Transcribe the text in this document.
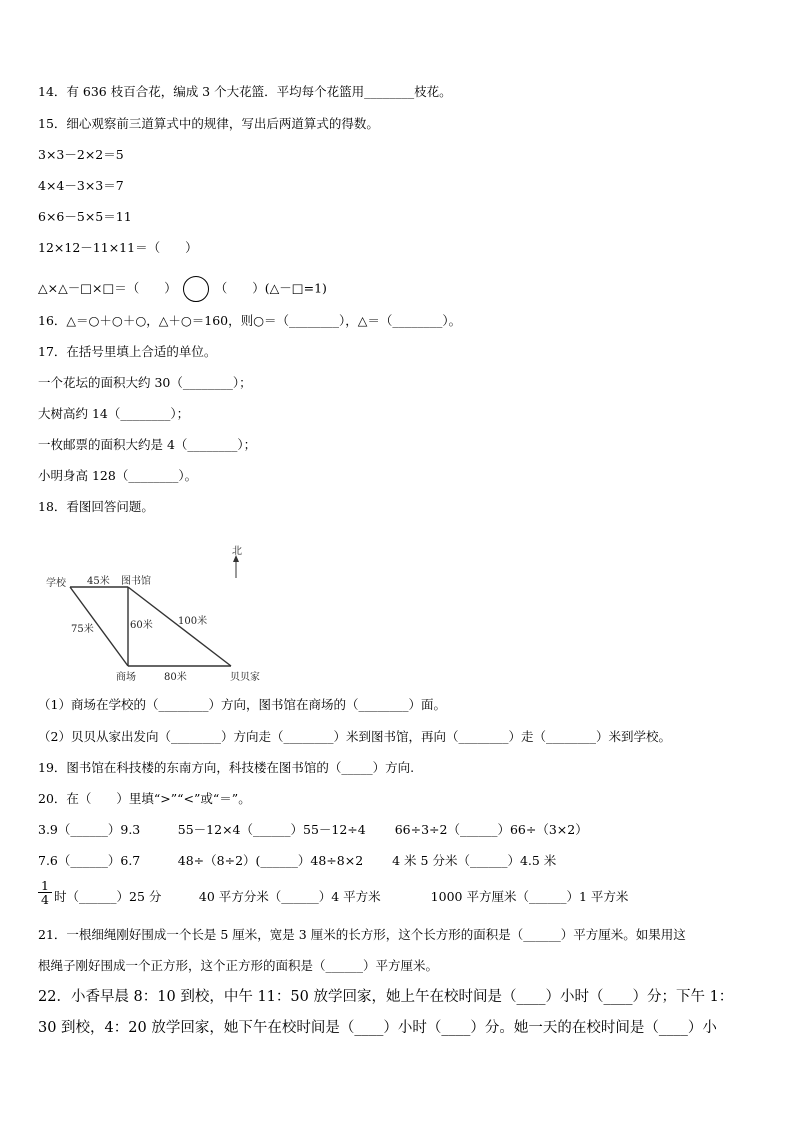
14．有 636 枝百合花，编成 3 个大花篮．平均每个花篮用________枝花。
15．细心观察前三道算式中的规律，写出后两道算式的得数。
3×3－2×2＝5
4×4－3×3＝7
6×6－5×5＝11
12×12－11×11＝（　　）
△×△－□×□＝（　　）	（　　）(△－□=1)
16．△＝○＋○＋○，△＋○＝160，则○＝（________），△＝（________）。
17．在括号里填上合适的单位。
一个花坛的面积大约 30（________）；
大树高约 14（________）；
一枚邮票的面积大约是 4（________）；
小明身高 128（________）。
18．看图回答问题。
北
学校	图书馆
商场	贝贝家
45米
75米	60米	100米
80米
（1）商场在学校的（________）方向，图书馆在商场的（________）面。
（2）贝贝从家出发向（________）方向走（________）米到图书馆，再向（________）走（________）米到学校。
19．图书馆在科技楼的东南方向，科技楼在图书馆的（_____）方向.
20．在（　　）里填“>”“<”或“＝”。
3.9（______）9.3　　　55－12×4（______）55－12÷4　　 66÷3÷2（______）66÷（3×2）
7.6（______）6.7　　　48÷（8÷2）(______）48÷8×2　　 4 米 5 分米（______）4.5 米
$\frac{1}{4}$ 时（______）25 分　　　40 平方分米（______）4 平方米　　　　1000 平方厘米（______）1 平方米
21．一根细绳刚好围成一个长是 5 厘米，宽是 3 厘米的长方形，这个长方形的面积是（______）平方厘米。如果用这
根绳子刚好围成一个正方形，这个正方形的面积是（______）平方厘米。
22．小香早晨 8：10 到校，中午 11：50 放学回家，她上午在校时间是（____）小时（____）分；下午 1：
30 到校，4：20 放学回家，她下午在校时间是（____）小时（____）分。她一天的在校时间是（____）小
